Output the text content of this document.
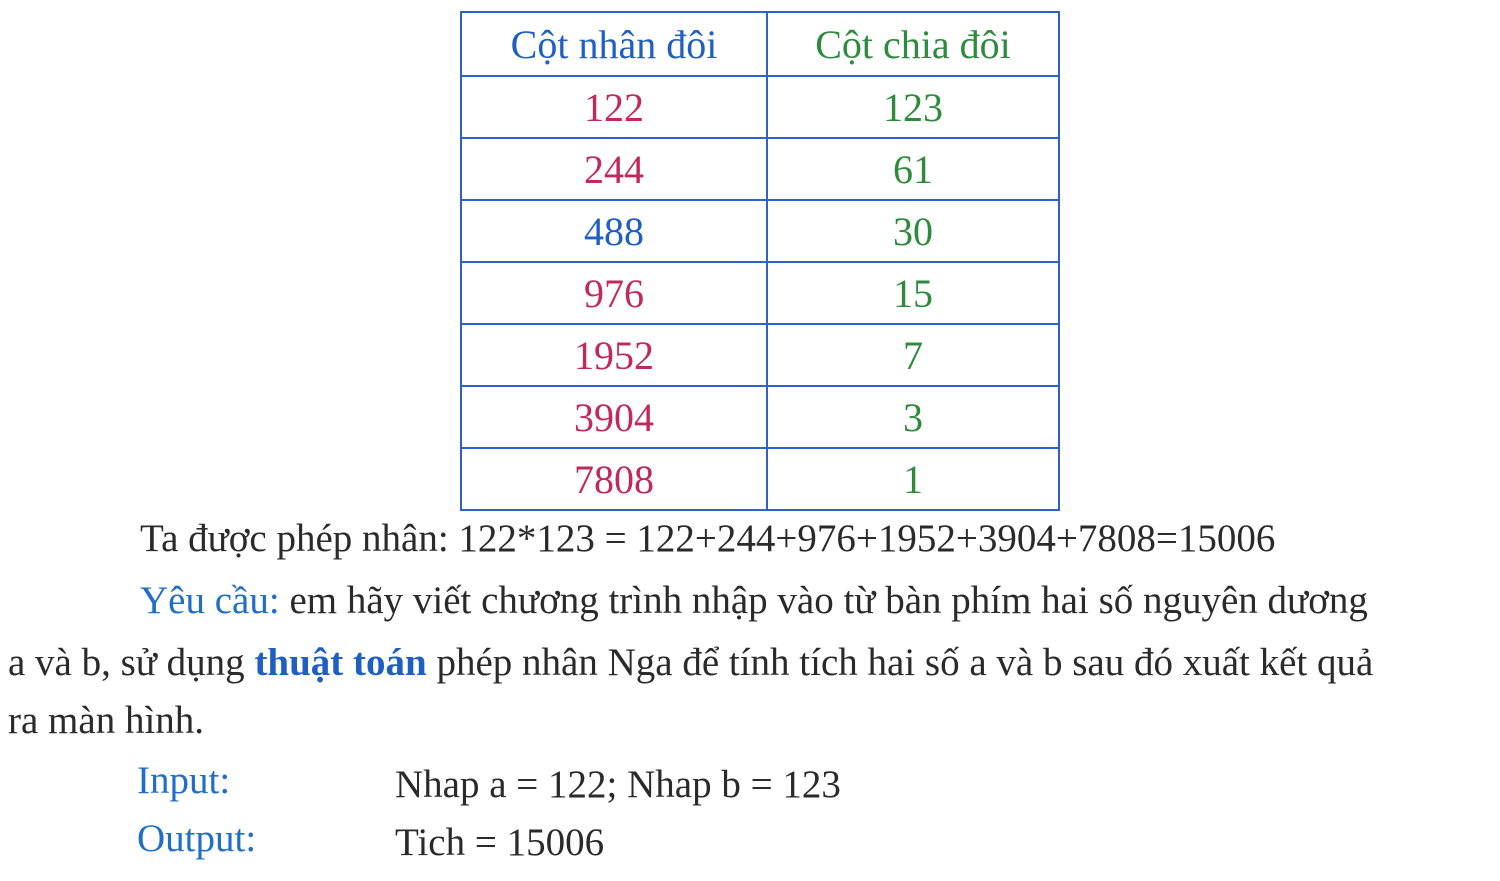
Cột nhân đôi	Cột chia đôi
122	123
244	61
488	30
976	15
1952	7
3904	3
7808	1
Ta được phép nhân: 122*123 = 122+244+976+1952+3904+7808=15006
Yêu cầu: em hãy viết chương trình nhập vào từ bàn phím hai số nguyên dương
a và b, sử dụng thuật toán phép nhân Nga để tính tích hai số a và b sau đó xuất kết quả
ra màn hình.
Input:	Nhap a = 122; Nhap b = 123
Output:	Tich = 15006
